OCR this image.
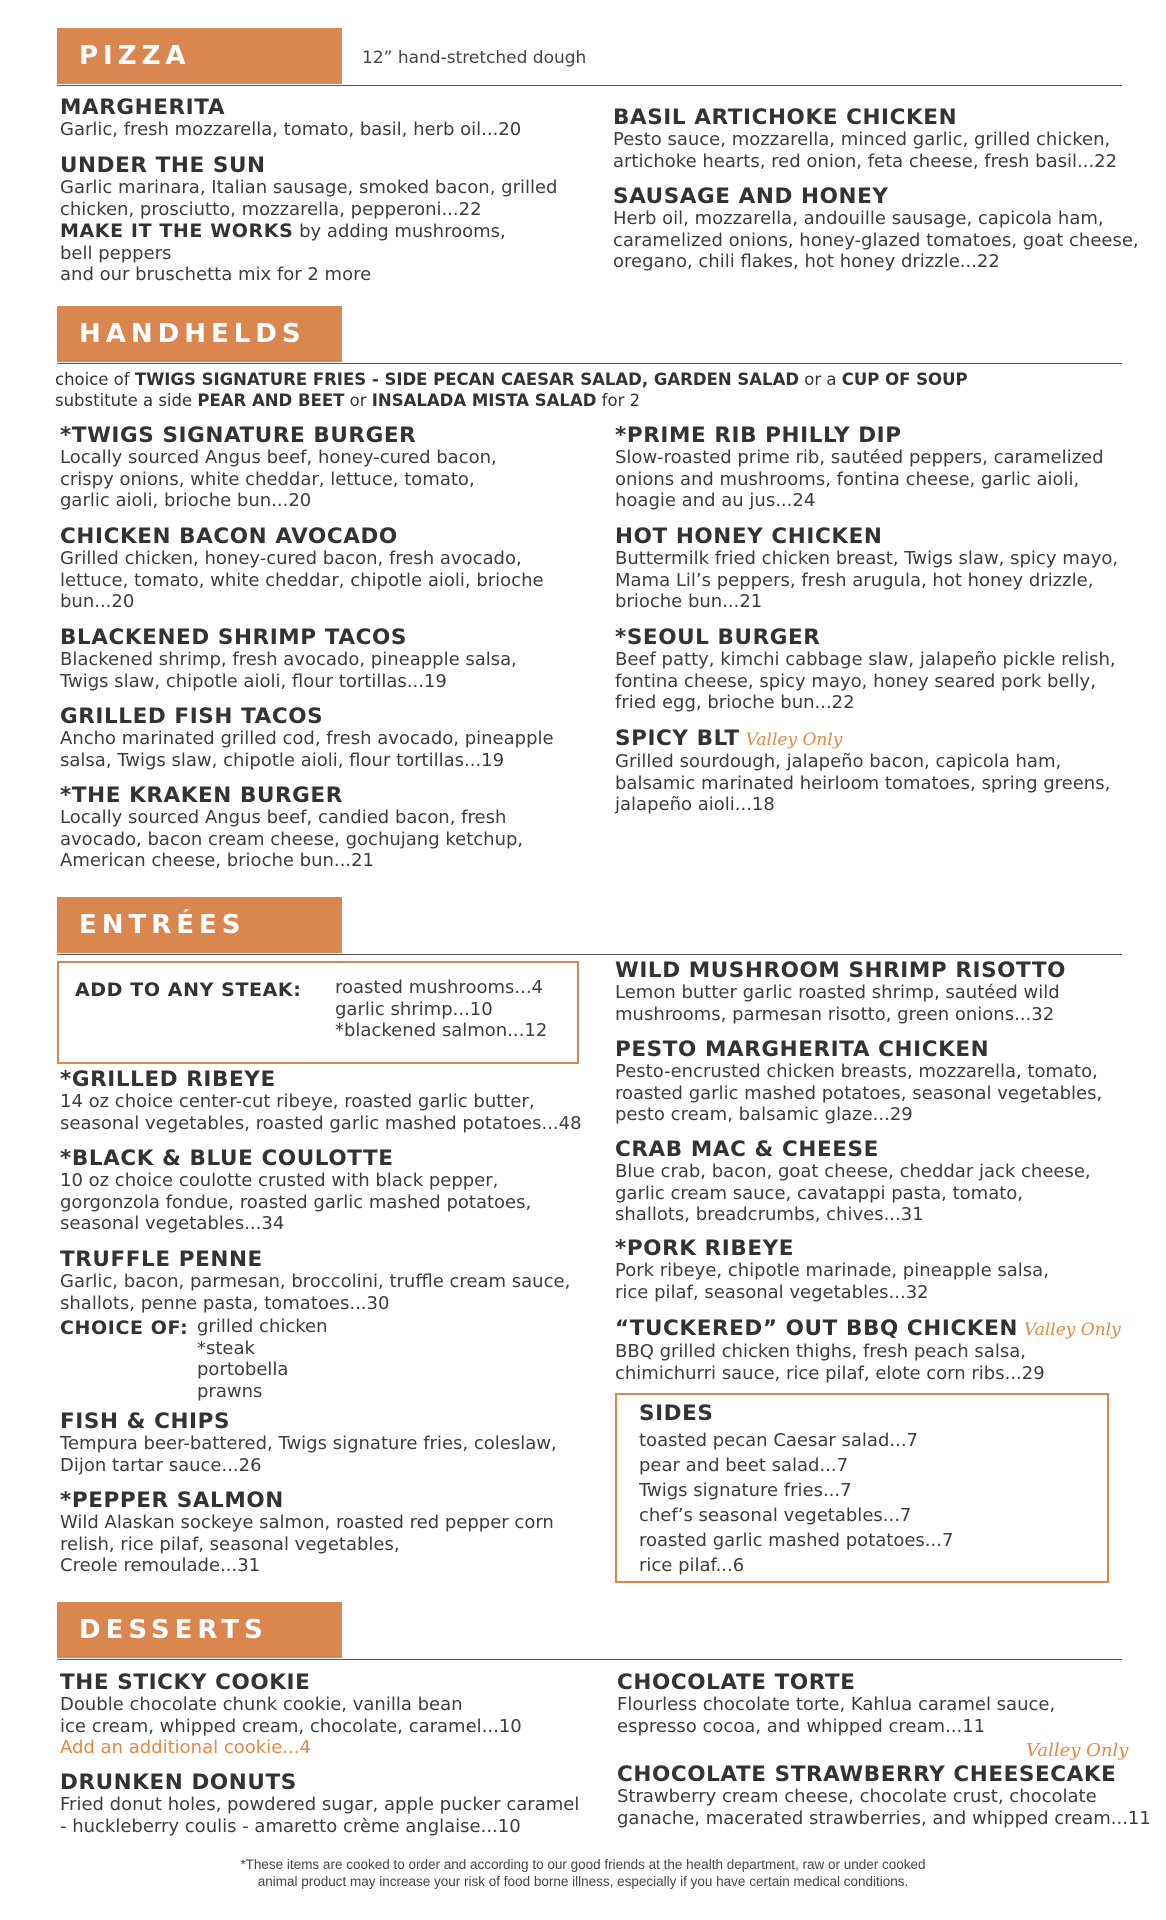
PIZZA	12” hand-stretched dough
MARGHERITA
Garlic, fresh mozzarella, tomato, basil, herb oil...20
UNDER THE SUN
Garlic marinara, Italian sausage, smoked bacon, grilled
chicken, prosciutto, mozzarella, pepperoni...22
MAKE IT THE WORKS by adding mushrooms, bell peppers
and our bruschetta mix for 2 more
BASIL ARTICHOKE CHICKEN
Pesto sauce, mozzarella, minced garlic, grilled chicken,
artichoke hearts, red onion, feta cheese, fresh basil...22
SAUSAGE AND HONEY
Herb oil, mozzarella, andouille sausage, capicola ham,
caramelized onions, honey-glazed tomatoes, goat cheese,
oregano, chili flakes, hot honey drizzle...22
HANDHELDS
choice of TWIGS SIGNATURE FRIES - SIDE PECAN CAESAR SALAD, GARDEN SALAD or a CUP OF SOUP
substitute a side PEAR AND BEET or INSALADA MISTA SALAD for 2
*TWIGS SIGNATURE BURGER
Locally sourced Angus beef, honey-cured bacon,
crispy onions, white cheddar, lettuce, tomato,
garlic aioli, brioche bun...20
CHICKEN BACON AVOCADO
Grilled chicken, honey-cured bacon, fresh avocado,
lettuce, tomato, white cheddar, chipotle aioli, brioche
bun...20
BLACKENED SHRIMP TACOS
Blackened shrimp, fresh avocado, pineapple salsa,
Twigs slaw, chipotle aioli, flour tortillas...19
GRILLED FISH TACOS
Ancho marinated grilled cod, fresh avocado, pineapple
salsa, Twigs slaw, chipotle aioli, flour tortillas...19
*THE KRAKEN BURGER
Locally sourced Angus beef, candied bacon, fresh
avocado, bacon cream cheese, gochujang ketchup,
American cheese, brioche bun...21
*PRIME RIB PHILLY DIP
Slow-roasted prime rib, sautéed peppers, caramelized
onions and mushrooms, fontina cheese, garlic aioli,
hoagie and au jus...24
HOT HONEY CHICKEN
Buttermilk fried chicken breast, Twigs slaw, spicy mayo,
Mama Lil’s peppers, fresh arugula, hot honey drizzle,
brioche bun...21
*SEOUL BURGER
Beef patty, kimchi cabbage slaw, jalapeño pickle relish,
fontina cheese, spicy mayo, honey seared pork belly,
fried egg, brioche bun...22
SPICY BLT Valley Only
Grilled sourdough, jalapeño bacon, capicola ham,
balsamic marinated heirloom tomatoes, spring greens,
jalapeño aioli...18
ENTRÉES
ADD TO ANY STEAK: roasted mushrooms...4
garlic shrimp...10
*blackened salmon...12
*GRILLED RIBEYE
14 oz choice center-cut ribeye, roasted garlic butter,
seasonal vegetables, roasted garlic mashed potatoes...48
*BLACK & BLUE COULOTTE
10 oz choice coulotte crusted with black pepper,
gorgonzola fondue, roasted garlic mashed potatoes,
seasonal vegetables...34
TRUFFLE PENNE
Garlic, bacon, parmesan, broccolini, truffle cream sauce,
shallots, penne pasta, tomatoes...30
CHOICE OF: grilled chicken
*steak
portobella
prawns
FISH & CHIPS
Tempura beer-battered, Twigs signature fries, coleslaw,
Dijon tartar sauce...26
*PEPPER SALMON
Wild Alaskan sockeye salmon, roasted red pepper corn
relish, rice pilaf, seasonal vegetables,
Creole remoulade...31
WILD MUSHROOM SHRIMP RISOTTO
Lemon butter garlic roasted shrimp, sautéed wild
mushrooms, parmesan risotto, green onions...32
PESTO MARGHERITA CHICKEN
Pesto-encrusted chicken breasts, mozzarella, tomato,
roasted garlic mashed potatoes, seasonal vegetables,
pesto cream, balsamic glaze...29
CRAB MAC & CHEESE
Blue crab, bacon, goat cheese, cheddar jack cheese,
garlic cream sauce, cavatappi pasta, tomato,
shallots, breadcrumbs, chives...31
*PORK RIBEYE
Pork ribeye, chipotle marinade, pineapple salsa,
rice pilaf, seasonal vegetables...32
“TUCKERED” OUT BBQ CHICKEN Valley Only
BBQ grilled chicken thighs, fresh peach salsa,
chimichurri sauce, rice pilaf, elote corn ribs...29
SIDES
toasted pecan Caesar salad...7
pear and beet salad...7
Twigs signature fries...7
chef’s seasonal vegetables...7
roasted garlic mashed potatoes...7
rice pilaf...6
DESSERTS
THE STICKY COOKIE
Double chocolate chunk cookie, vanilla bean
ice cream, whipped cream, chocolate, caramel...10
Add an additional cookie...4
DRUNKEN DONUTS
Fried donut holes, powdered sugar, apple pucker caramel
- huckleberry coulis - amaretto crème anglaise...10
CHOCOLATE TORTE
Flourless chocolate torte, Kahlua caramel sauce,
espresso cocoa, and whipped cream...11
Valley Only
CHOCOLATE STRAWBERRY CHEESECAKE
Strawberry cream cheese, chocolate crust, chocolate
ganache, macerated strawberries, and whipped cream...11
*These items are cooked to order and according to our good friends at the health department, raw or under cooked
animal product may increase your risk of food borne illness, especially if you have certain medical conditions.
